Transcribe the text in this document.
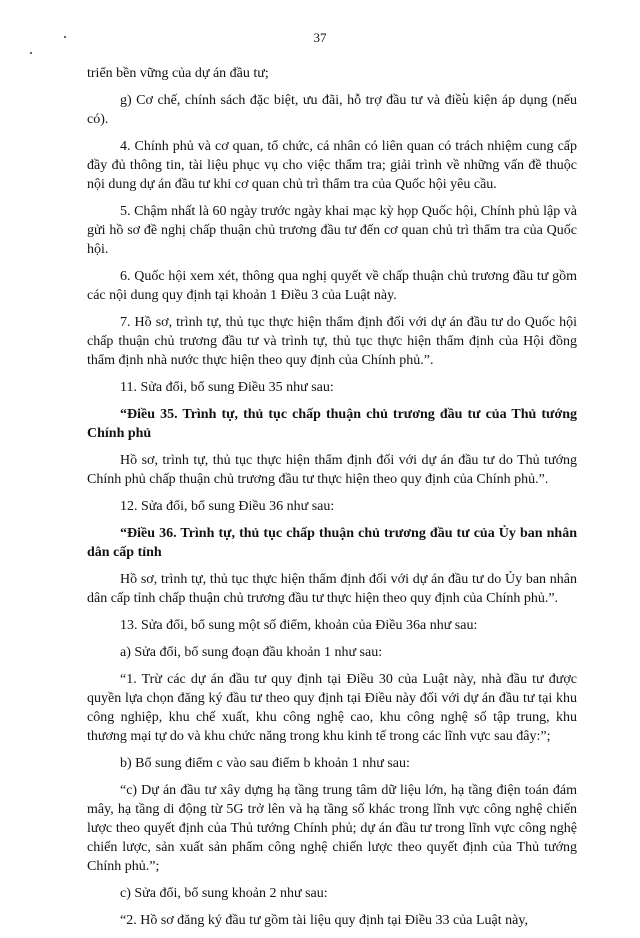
37

triển bền vững của dự án đầu tư;

g) Cơ chế, chính sách đặc biệt, ưu đãi, hỗ trợ đầu tư và điều kiện áp dụng (nếu có).

4. Chính phủ và cơ quan, tổ chức, cá nhân có liên quan có trách nhiệm cung cấp đầy đủ thông tin, tài liệu phục vụ cho việc thẩm tra; giải trình về những vấn đề thuộc nội dung dự án đầu tư khi cơ quan chủ trì thẩm tra của Quốc hội yêu cầu.

5. Chậm nhất là 60 ngày trước ngày khai mạc kỳ họp Quốc hội, Chính phủ lập và gửi hồ sơ đề nghị chấp thuận chủ trương đầu tư đến cơ quan chủ trì thẩm tra của Quốc hội.

6. Quốc hội xem xét, thông qua nghị quyết về chấp thuận chủ trương đầu tư gồm các nội dung quy định tại khoản 1 Điều 3 của Luật này.

7. Hồ sơ, trình tự, thủ tục thực hiện thẩm định đối với dự án đầu tư do Quốc hội chấp thuận chủ trương đầu tư và trình tự, thủ tục thực hiện thẩm định của Hội đồng thẩm định nhà nước thực hiện theo quy định của Chính phủ.”.

11. Sửa đổi, bổ sung Điều 35 như sau:

“Điều 35. Trình tự, thủ tục chấp thuận chủ trương đầu tư của Thủ tướng Chính phủ

Hồ sơ, trình tự, thủ tục thực hiện thẩm định đối với dự án đầu tư do Thủ tướng Chính phủ chấp thuận chủ trương đầu tư thực hiện theo quy định của Chính phủ.”.

12. Sửa đổi, bổ sung Điều 36 như sau:

“Điều 36. Trình tự, thủ tục chấp thuận chủ trương đầu tư của Ủy ban nhân dân cấp tỉnh

Hồ sơ, trình tự, thủ tục thực hiện thẩm định đối với dự án đầu tư do Ủy ban nhân dân cấp tỉnh chấp thuận chủ trương đầu tư thực hiện theo quy định của Chính phủ.”.

13. Sửa đổi, bổ sung một số điểm, khoản của Điều 36a như sau:

a) Sửa đổi, bổ sung đoạn đầu khoản 1 như sau:

“1. Trừ các dự án đầu tư quy định tại Điều 30 của Luật này, nhà đầu tư được quyền lựa chọn đăng ký đầu tư theo quy định tại Điều này đối với dự án đầu tư tại khu công nghiệp, khu chế xuất, khu công nghệ cao, khu công nghệ số tập trung, khu thương mại tự do và khu chức năng trong khu kinh tế trong các lĩnh vực sau đây:”;

b) Bổ sung điểm c vào sau điểm b khoản 1 như sau:

“c) Dự án đầu tư xây dựng hạ tầng trung tâm dữ liệu lớn, hạ tầng điện toán đám mây, hạ tầng di động từ 5G trở lên và hạ tầng số khác trong lĩnh vực công nghệ chiến lược theo quyết định của Thủ tướng Chính phủ; dự án đầu tư trong lĩnh vực công nghệ chiến lược, sản xuất sản phẩm công nghệ chiến lược theo quyết định của Thủ tướng Chính phủ.”;

c) Sửa đổi, bổ sung khoản 2 như sau:

“2. Hồ sơ đăng ký đầu tư gồm tài liệu quy định tại Điều 33 của Luật này,
